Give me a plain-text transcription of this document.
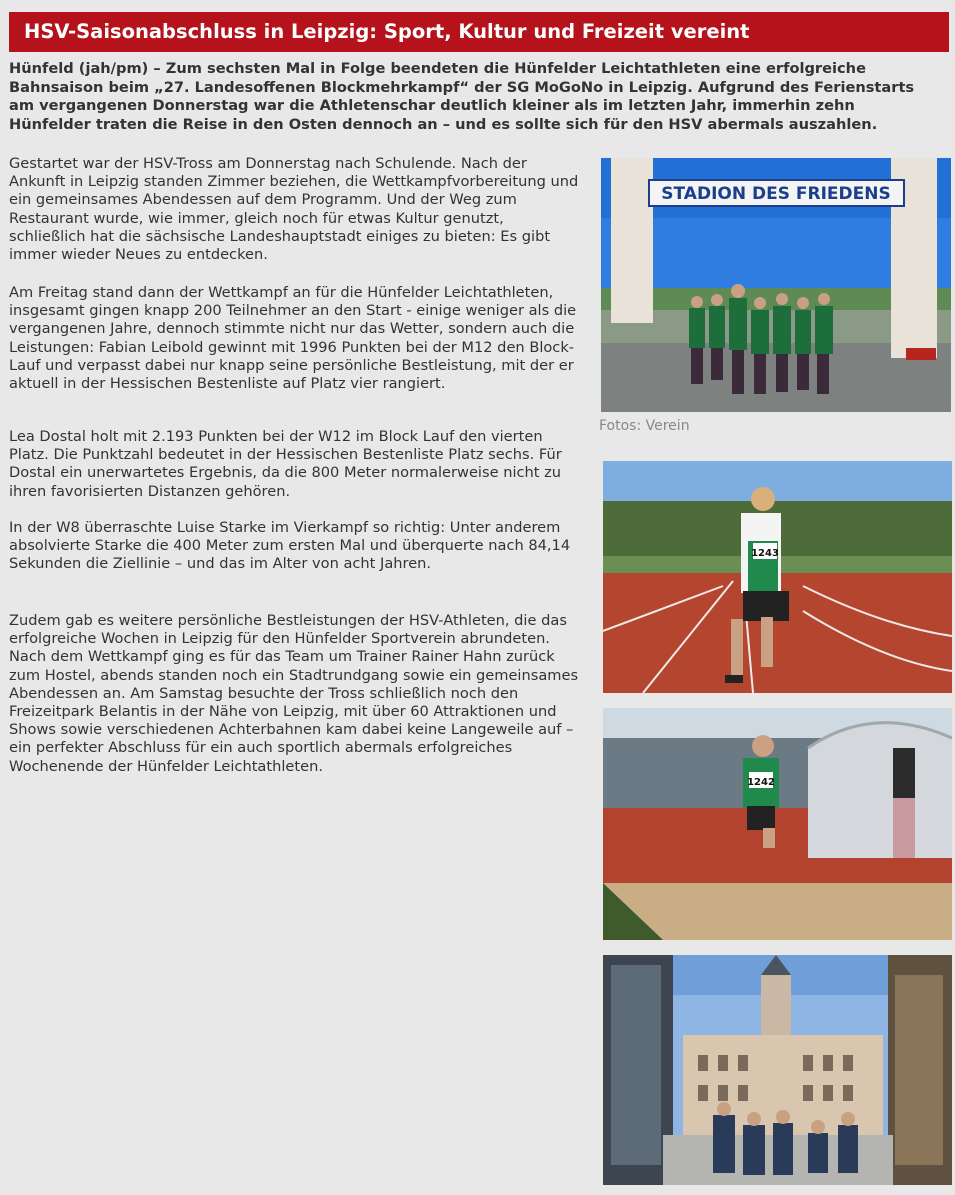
HSV-Saisonabschluss in Leipzig: Sport, Kultur und Freizeit vereint
Hünfeld (jah/pm) – Zum sechsten Mal in Folge beendeten die Hünfelder Leichtathleten eine erfolgreiche Bahnsaison beim „27. Landesoffenen Blockmehrkampf“ der SG MoGoNo in Leipzig. Aufgrund des Ferienstarts am vergangenen Donnerstag war die Athletenschar deutlich kleiner als im letzten Jahr, immerhin zehn Hünfelder traten die Reise in den Osten dennoch an – und es sollte sich für den HSV abermals auszahlen.
Gestartet war der HSV-Tross am Donnerstag nach Schulende. Nach der Ankunft in Leipzig standen Zimmer beziehen, die Wettkampfvorbereitung und ein gemeinsames Abendessen auf dem Programm. Und der Weg zum Restaurant wurde, wie immer, gleich noch für etwas Kultur genutzt, schließlich hat die sächsische Landeshauptstadt einiges zu bieten: Es gibt immer wieder Neues zu entdecken.
Am Freitag stand dann der Wettkampf an für die Hünfelder Leichtathleten, insgesamt gingen knapp 200 Teilnehmer an den Start - einige weniger als die vergangenen Jahre, dennoch stimmte nicht nur das Wetter, sondern auch die Leistungen: Fabian Leibold gewinnt mit 1996 Punkten bei der M12 den Block-Lauf und verpasst dabei nur knapp seine persönliche Bestleistung, mit der er aktuell in der Hessischen Bestenliste auf Platz vier rangiert.
Lea Dostal holt mit 2.193 Punkten bei der W12 im Block Lauf den vierten Platz. Die Punktzahl bedeutet in der Hessischen Bestenliste Platz sechs. Für Dostal ein unerwartetes Ergebnis, da die 800 Meter normalerweise nicht zu ihren favorisierten Distanzen gehören.
In der W8 überraschte Luise Starke im Vierkampf so richtig: Unter anderem absolvierte Starke die 400 Meter zum ersten Mal und überquerte nach 84,14 Sekunden die Ziellinie – und das im Alter von acht Jahren.
Zudem gab es weitere persönliche Bestleistungen der HSV-Athleten, die das erfolgreiche Wochen in Leipzig für den Hünfelder Sportverein abrundeten. Nach dem Wettkampf ging es für das Team um Trainer Rainer Hahn zurück zum Hostel, abends standen noch ein Stadtrundgang sowie ein gemeinsames Abendessen an. Am Samstag besuchte der Tross schließlich noch den Freizeitpark Belantis in der Nähe von Leipzig, mit über 60 Attraktionen und Shows sowie verschiedenen Achterbahnen kam dabei keine Langeweile auf – ein perfekter Abschluss für ein auch sportlich abermals erfolgreiches Wochenende der Hünfelder Leichtathleten.
STADION DES FRIEDENS
Fotos: Verein
1243
1242
